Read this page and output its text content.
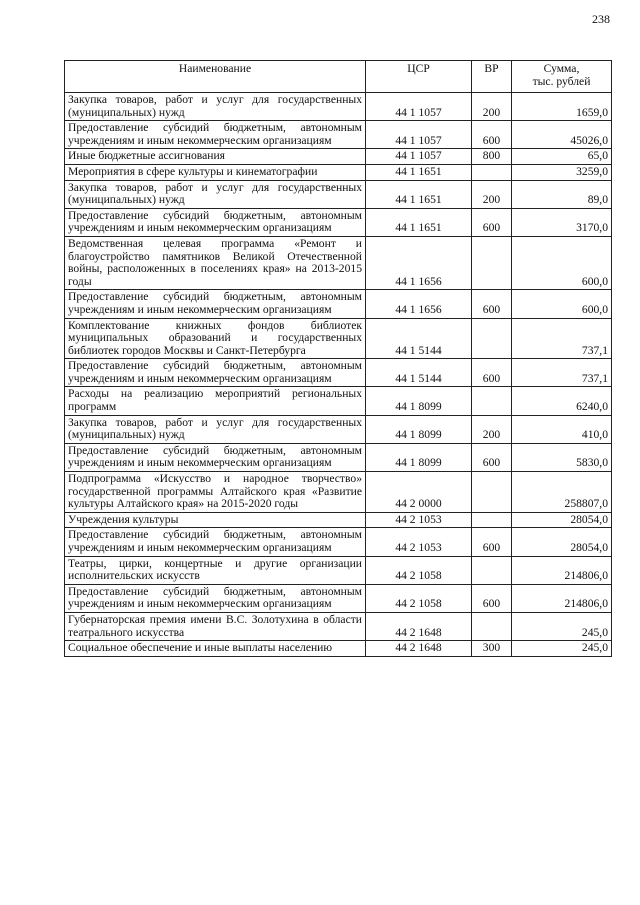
238
Наименование	ЦСР	ВР	Сумма,
тыс. рублей

Закупка товаров, работ и услуг для государственных (муниципальных) нужд	44 1 1057	200	1659,0
Предоставление субсидий бюджетным, автономным учреждениям и иным некоммерческим организациям	44 1 1057	600	45026,0
Иные бюджетные ассигнования	44 1 1057	800	65,0
Мероприятия в сфере культуры и кинематографии	44 1 1651		3259,0
Закупка товаров, работ и услуг для государственных (муниципальных) нужд	44 1 1651	200	89,0
Предоставление субсидий бюджетным, автономным учреждениям и иным некоммерческим организациям	44 1 1651	600	3170,0
Ведомственная целевая программа «Ремонт и благоустройство памятников Великой Отечественной войны, расположенных в поселениях края» на 2013-2015 годы	44 1 1656		600,0
Предоставление субсидий бюджетным, автономным учреждениям и иным некоммерческим организациям	44 1 1656	600	600,0
Комплектование книжных фондов библиотек муниципальных образований и государственных библиотек городов Москвы и Санкт-Петербурга	44 1 5144		737,1
Предоставление субсидий бюджетным, автономным учреждениям и иным некоммерческим организациям	44 1 5144	600	737,1
Расходы на реализацию мероприятий региональных программ	44 1 8099		6240,0
Закупка товаров, работ и услуг для государственных (муниципальных) нужд	44 1 8099	200	410,0
Предоставление субсидий бюджетным, автономным учреждениям и иным некоммерческим организациям	44 1 8099	600	5830,0
Подпрограмма «Искусство и народное творчество» государственной программы Алтайского края «Развитие культуры Алтайского края» на 2015-2020 годы	44 2 0000		258807,0
Учреждения культуры	44 2 1053		28054,0
Предоставление субсидий бюджетным, автономным учреждениям и иным некоммерческим организациям	44 2 1053	600	28054,0
Театры, цирки, концертные и другие организации исполнительских искусств	44 2 1058		214806,0
Предоставление субсидий бюджетным, автономным учреждениям и иным некоммерческим организациям	44 2 1058	600	214806,0
Губернаторская премия имени В.С. Золотухина в области театрального искусства	44 2 1648		245,0
Социальное обеспечение и иные выплаты населению	44 2 1648	300	245,0
